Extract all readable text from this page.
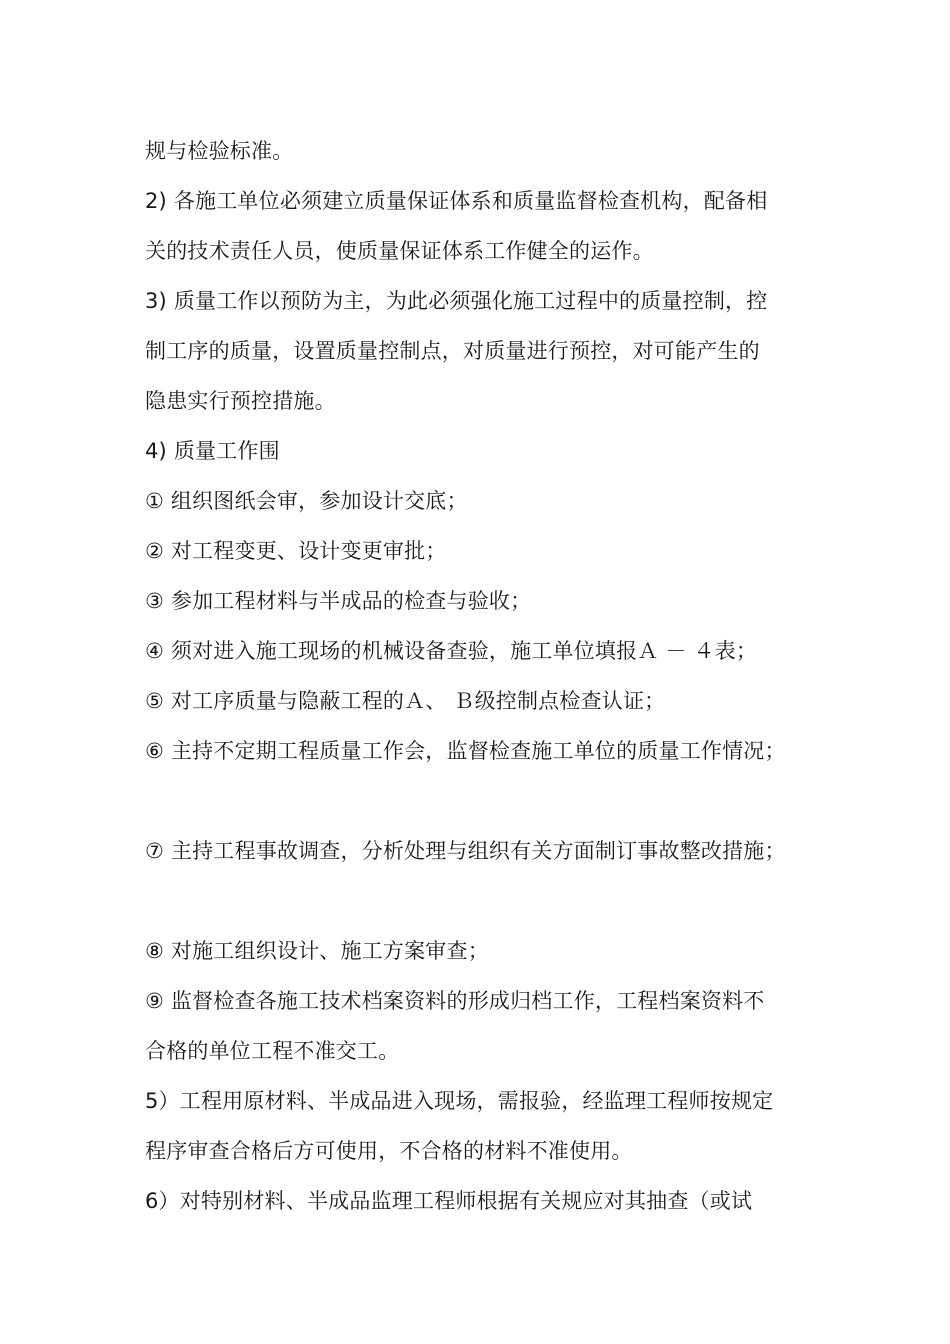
规与检验标准。
2) 各施工单位必须建立质量保证体系和质量监督检查机构，配备相
关的技术责任人员，使质量保证体系工作健全的运作。
3) 质量工作以预防为主，为此必须强化施工过程中的质量控制，控
制工序的质量，设置质量控制点，对质量进行预控，对可能产生的
隐患实行预控措施。
4) 质量工作围
① 组织图纸会审，参加设计交底；
② 对工程变更、设计变更审批；
③ 参加工程材料与半成品的检查与验收；
④ 须对进入施工现场的机械设备查验，施工单位填报Ａ － ４表；
⑤ 对工序质量与隐蔽工程的Ａ、 Ｂ级控制点检查认证；
⑥ 主持不定期工程质量工作会，监督检查施工单位的质量工作情况；
⑦ 主持工程事故调查，分析处理与组织有关方面制订事故整改措施；
⑧ 对施工组织设计、施工方案审查；
⑨ 监督检查各施工技术档案资料的形成归档工作，工程档案资料不
合格的单位工程不准交工。
5）工程用原材料、半成品进入现场，需报验，经监理工程师按规定
程序审查合格后方可使用，不合格的材料不准使用。
6）对特别材料、半成品监理工程师根据有关规应对其抽查（或试
